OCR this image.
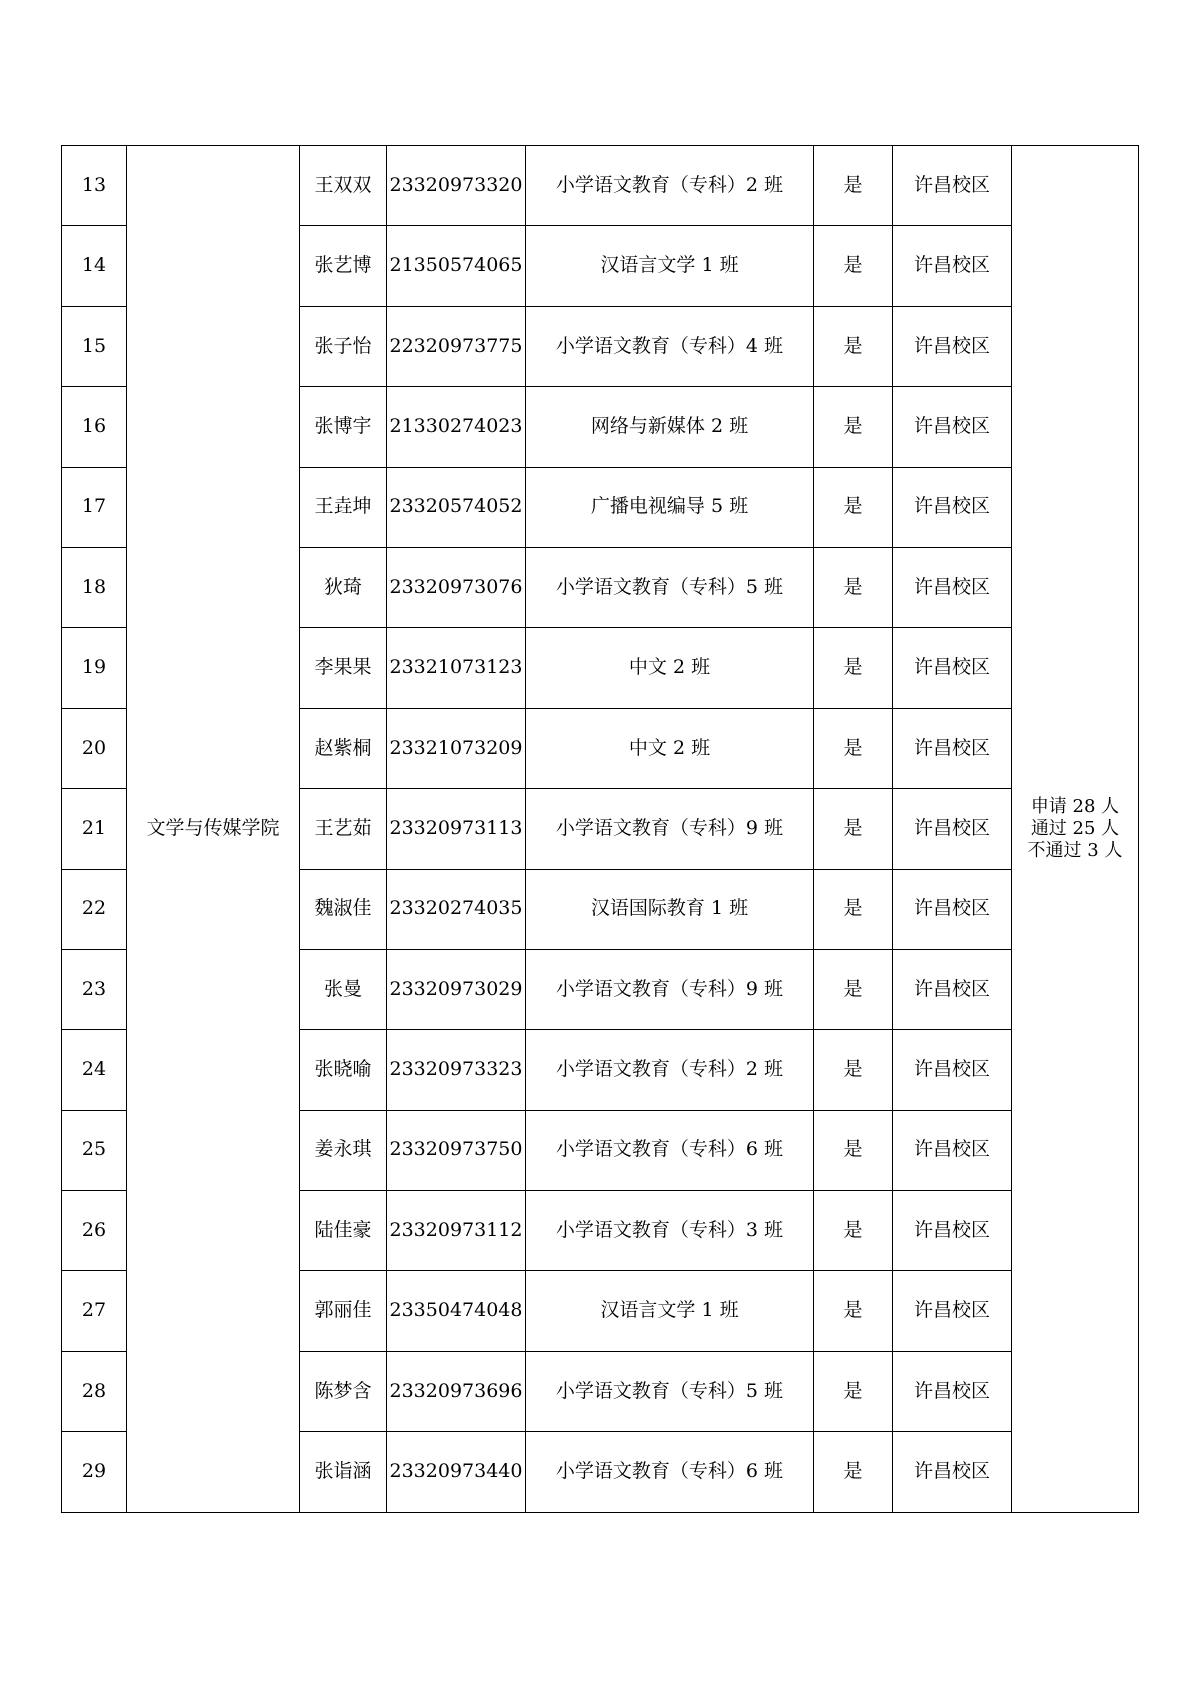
13	文学与传媒学院	王双双	23320973320	小学语文教育（专科）2 班	是	许昌校区	申请 28 人
通过 25 人
不通过 3 人

14		张艺博	21350574065	汉语言文学 1 班	是	许昌校区	
15		张子怡	22320973775	小学语文教育（专科）4 班	是	许昌校区	
16		张博宇	21330274023	网络与新媒体 2 班	是	许昌校区	
17		王垚坤	23320574052	广播电视编导 5 班	是	许昌校区	
18		狄琦	23320973076	小学语文教育（专科）5 班	是	许昌校区	
19		李果果	23321073123	中文 2 班	是	许昌校区	
20		赵紫桐	23321073209	中文 2 班	是	许昌校区	
21		王艺茹	23320973113	小学语文教育（专科）9 班	是	许昌校区	
22		魏淑佳	23320274035	汉语国际教育 1 班	是	许昌校区	
23		张曼	23320973029	小学语文教育（专科）9 班	是	许昌校区	
24		张晓喻	23320973323	小学语文教育（专科）2 班	是	许昌校区	
25		姜永琪	23320973750	小学语文教育（专科）6 班	是	许昌校区	
26		陆佳豪	23320973112	小学语文教育（专科）3 班	是	许昌校区	
27		郭丽佳	23350474048	汉语言文学 1 班	是	许昌校区	
28		陈梦含	23320973696	小学语文教育（专科）5 班	是	许昌校区	
29		张诣涵	23320973440	小学语文教育（专科）6 班	是	许昌校区	
